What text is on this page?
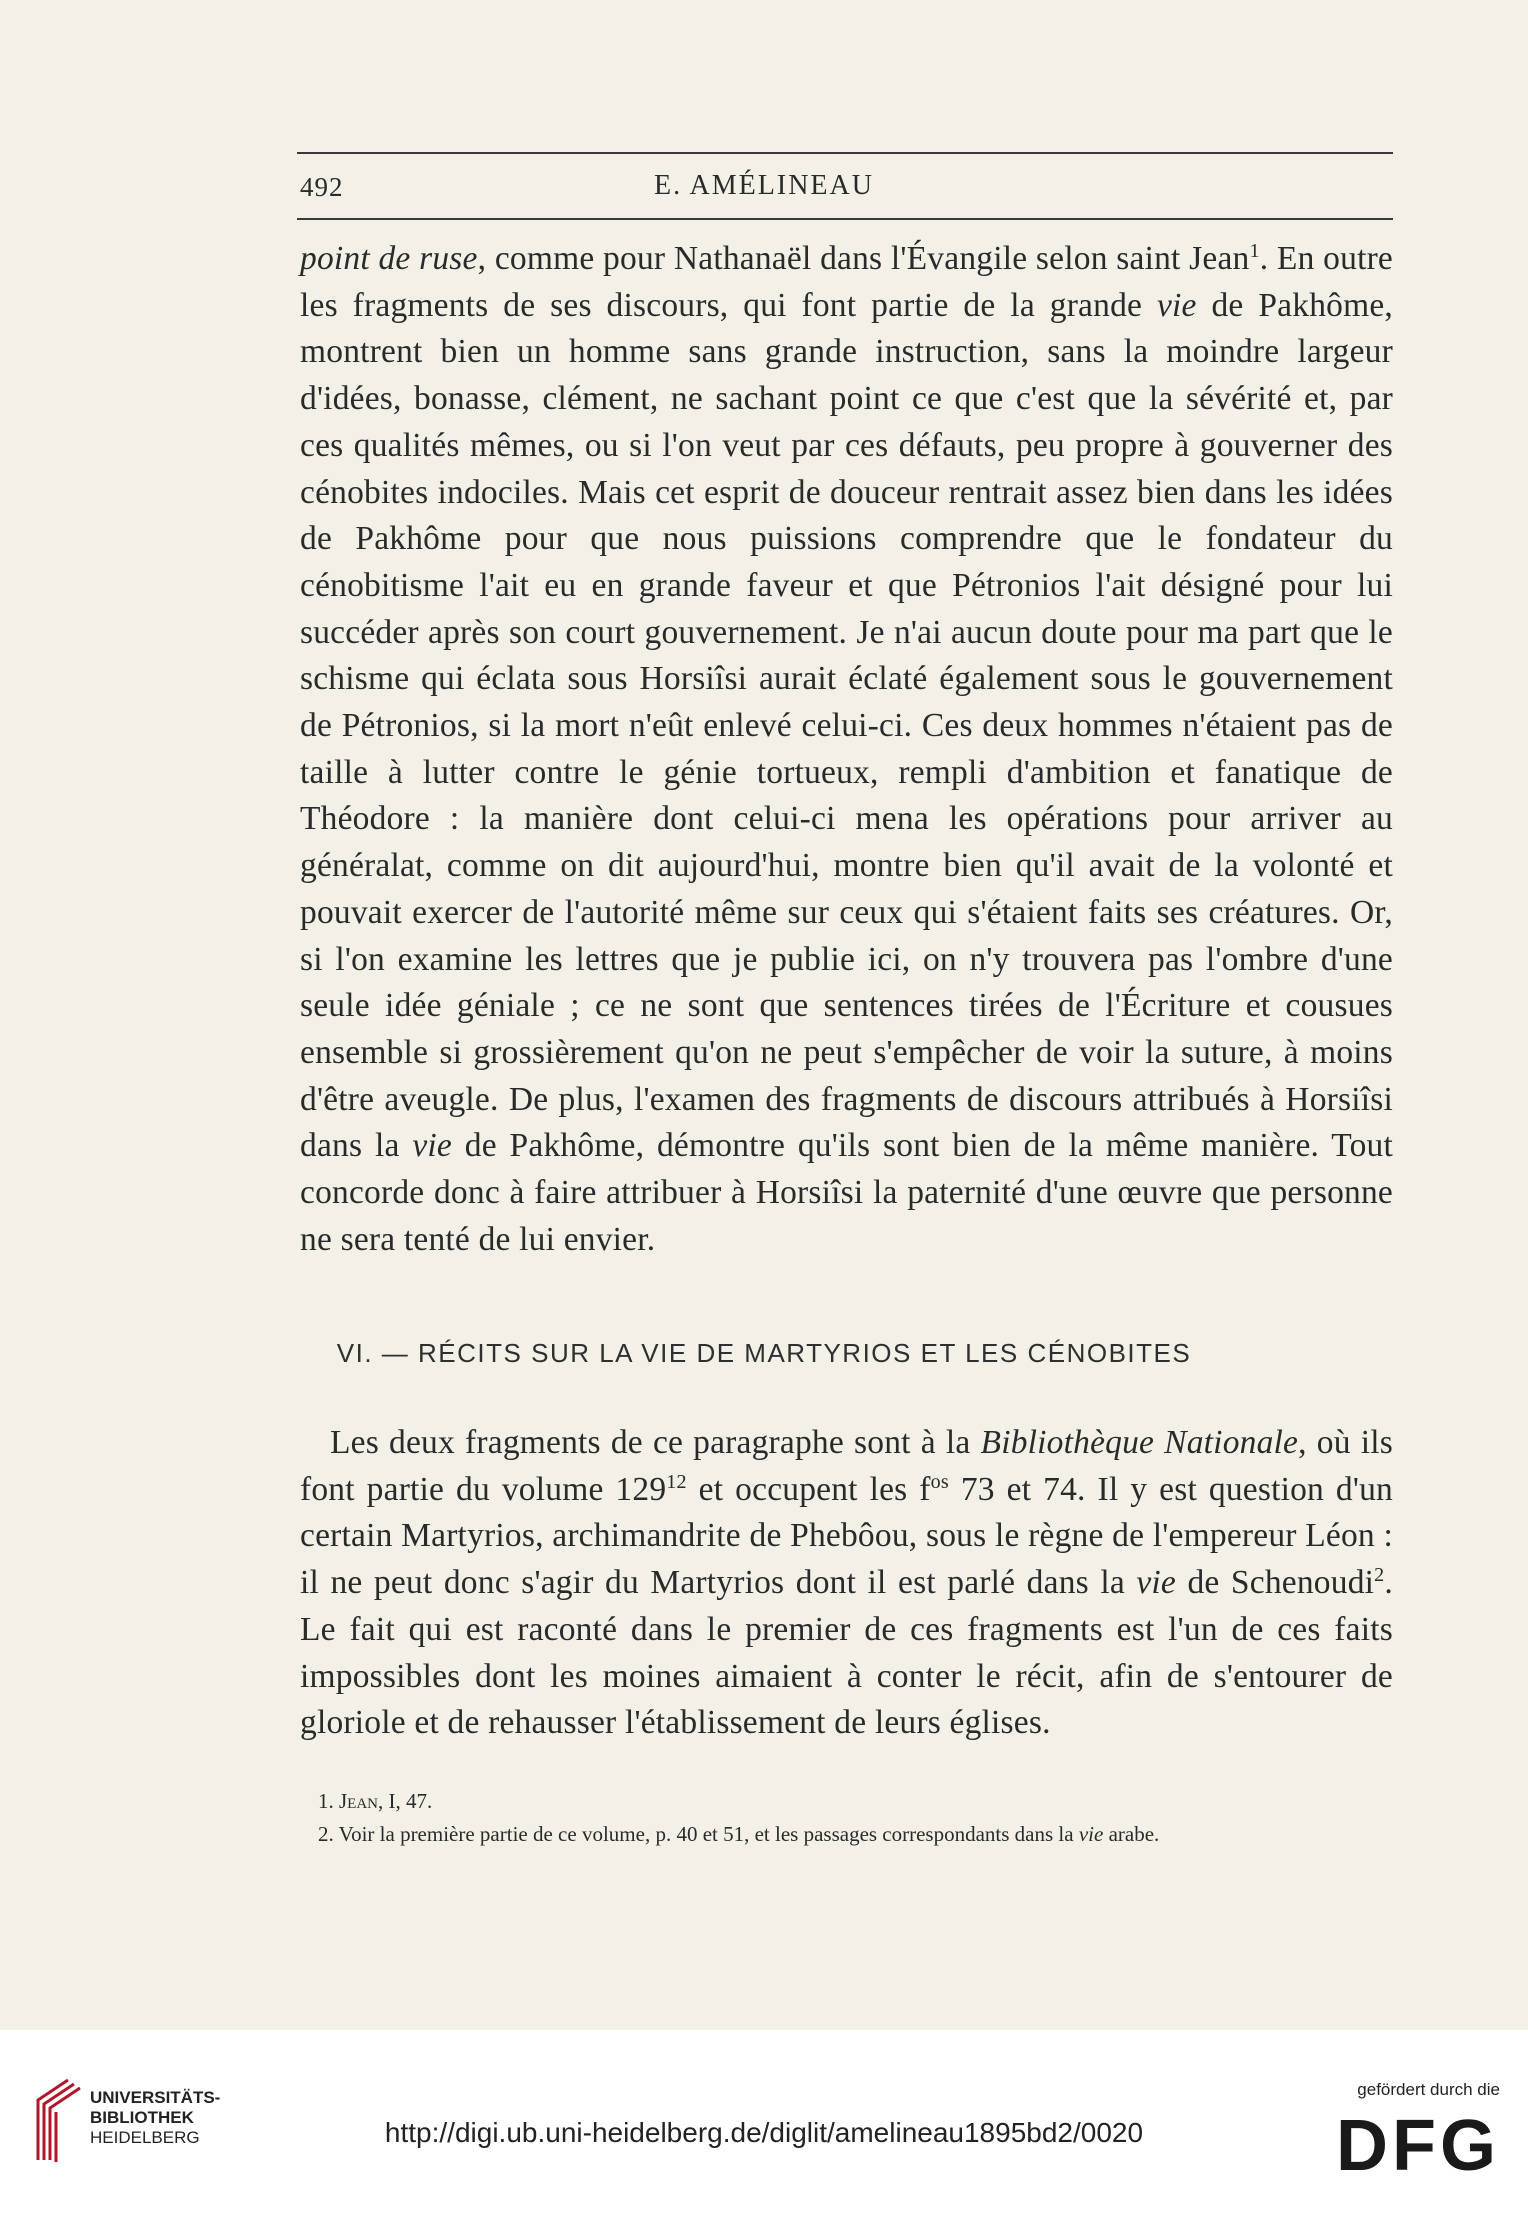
492	E. AMÉLINEAU

point de ruse, comme pour Nathanaël dans l'Évangile selon saint Jean$^1$. En outre les fragments de ses discours, qui font partie de la grande vie de Pakhôme, montrent bien un homme sans grande instruction, sans la moindre largeur d'idées, bonasse, clément, ne sachant point ce que c'est que la sévérité et, par ces qualités mêmes, ou si l'on veut par ces défauts, peu propre à gouverner des cénobites indociles. Mais cet esprit de douceur rentrait assez bien dans les idées de Pakhôme pour que nous puissions comprendre que le fondateur du cénobitisme l'ait eu en grande faveur et que Pétronios l'ait désigné pour lui succéder après son court gouvernement. Je n'ai aucun doute pour ma part que le schisme qui éclata sous Horsiîsi aurait éclaté également sous le gouvernement de Pétronios, si la mort n'eût enlevé celui-ci. Ces deux hommes n'étaient pas de taille à lutter contre le génie tortueux, rempli d'ambition et fanatique de Théodore : la manière dont celui-ci mena les opérations pour arriver au généralat, comme on dit aujourd'hui, montre bien qu'il avait de la volonté et pouvait exercer de l'autorité même sur ceux qui s'étaient faits ses créatures. Or, si l'on examine les lettres que je publie ici, on n'y trouvera pas l'ombre d'une seule idée géniale ; ce ne sont que sentences tirées de l'Écriture et cousues ensemble si grossièrement qu'on ne peut s'empêcher de voir la suture, à moins d'être aveugle. De plus, l'examen des fragments de discours attribués à Horsiîsi dans la vie de Pakhôme, démontre qu'ils sont bien de la même manière. Tout concorde donc à faire attribuer à Horsiîsi la paternité d'une œuvre que personne ne sera tenté de lui envier.

VI. — RÉCITS SUR LA VIE DE MARTYRIOS ET LES CÉNOBITES

Les deux fragments de ce paragraphe sont à la Bibliothèque Nationale, où ils font partie du volume $129^{12}$ et occupent les $f^{os}$ 73 et 74. Il y est question d'un certain Martyrios, archimandrite de Phebôou, sous le règne de l'empereur Léon : il ne peut donc s'agir du Martyrios dont il est parlé dans la vie de Schenoudi$^2$. Le fait qui est raconté dans le premier de ces fragments est l'un de ces faits impossibles dont les moines aimaient à conter le récit, afin de s'entourer de gloriole et de rehausser l'établissement de leurs églises.

1. Jean, I, 47.
2. Voir la première partie de ce volume, p. 40 et 51, et les passages correspondants dans la vie arabe.
UNIVERSITÄTS-
BIBLIOTHEK
HEIDELBERG	http://digi.ub.uni-heidelberg.de/diglit/amelineau1895bd2/0020
gefördert durch die
DFG
